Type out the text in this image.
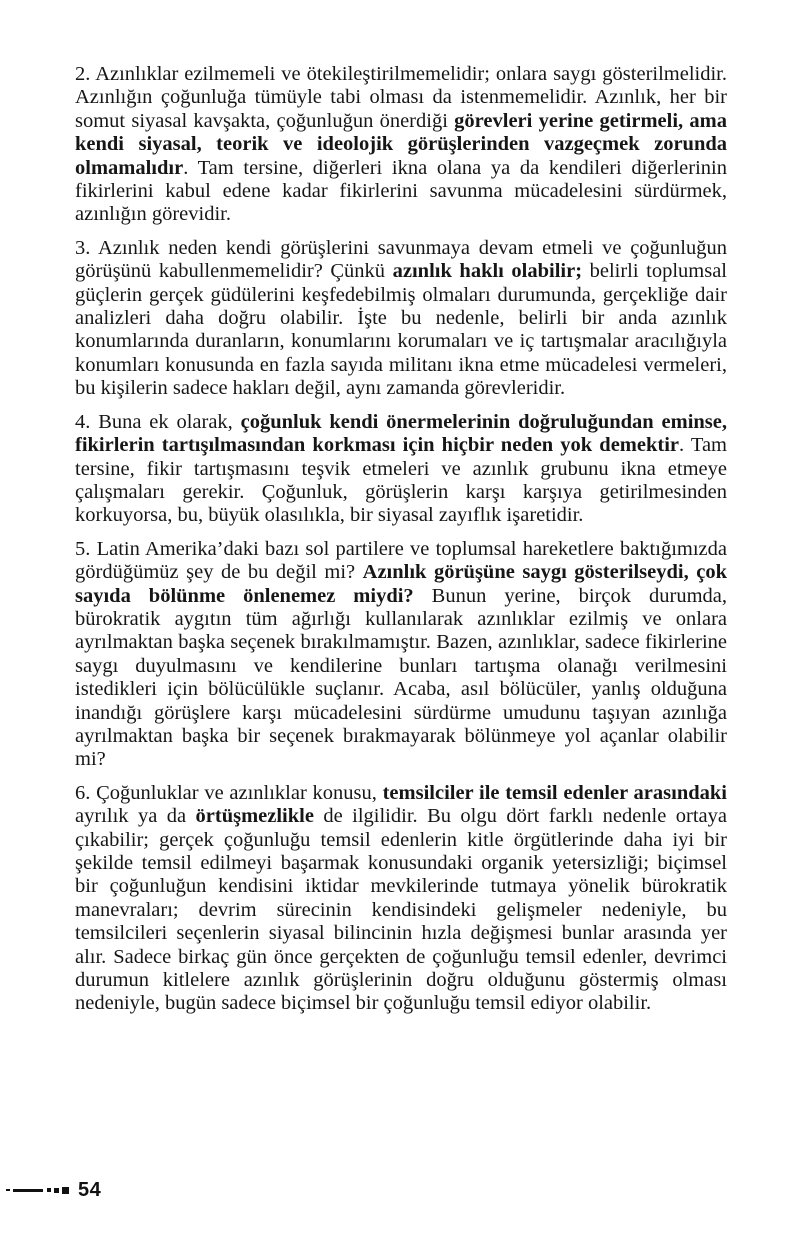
2. Azınlıklar ezilmemeli ve ötekileştirilmemelidir; onlara saygı gösterilmelidir. Azınlığın çoğunluğa tümüyle tabi olması da istenmemelidir. Azınlık, her bir somut siyasal kavşakta, çoğunluğun önerdiği görevleri yerine getirmeli, ama kendi siyasal, teorik ve ideolojik görüşlerinden vazgeçmek zorunda olmamalıdır. Tam tersine, diğerleri ikna olana ya da kendileri diğerlerinin fikirlerini kabul edene kadar fikirlerini savunma mücadelesini sürdürmek, azınlığın görevidir.

3. Azınlık neden kendi görüşlerini savunmaya devam etmeli ve çoğunluğun görüşünü kabullenmemelidir? Çünkü azınlık haklı olabilir; belirli toplumsal güçlerin gerçek güdülerini keşfedebilmiş olmaları durumunda, gerçekliğe dair analizleri daha doğru olabilir. İşte bu nedenle, belirli bir anda azınlık konumlarında duranların, konumlarını korumaları ve iç tartışmalar aracılığıyla konumları konusunda en fazla sayıda militanı ikna etme mücadelesi vermeleri, bu kişilerin sadece hakları değil, aynı zamanda görevleridir.

4. Buna ek olarak, çoğunluk kendi önermelerinin doğruluğundan eminse, fikirlerin tartışılmasından korkması için hiçbir neden yok demektir. Tam tersine, fikir tartışmasını teşvik etmeleri ve azınlık grubunu ikna etmeye çalışmaları gerekir. Çoğunluk, görüşlerin karşı karşıya getirilmesinden korkuyorsa, bu, büyük olasılıkla, bir siyasal zayıflık işaretidir.

5. Latin Amerika’daki bazı sol partilere ve toplumsal hareketlere baktığımızda gördüğümüz şey de bu değil mi? Azınlık görüşüne saygı gösterilseydi, çok sayıda bölünme önlenemez miydi? Bunun yerine, birçok durumda, bürokratik aygıtın tüm ağırlığı kullanılarak azınlıklar ezilmiş ve onlara ayrılmaktan başka seçenek bırakılmamıştır. Bazen, azınlıklar, sadece fikirlerine saygı duyulmasını ve kendilerine bunları tartışma olanağı verilmesini istedikleri için bölücülükle suçlanır. Acaba, asıl bölücüler, yanlış olduğuna inandığı görüşlere karşı mücadelesini sürdürme umudunu taşıyan azınlığa ayrılmaktan başka bir seçenek bırakmayarak bölünmeye yol açanlar olabilir mi?

6. Çoğunluklar ve azınlıklar konusu, temsilciler ile temsil edenler arasındaki ayrılık ya da örtüşmezlikle de ilgilidir. Bu olgu dört farklı nedenle ortaya çıkabilir; gerçek çoğunluğu temsil edenlerin kitle örgütlerinde daha iyi bir şekilde temsil edilmeyi başarmak konusundaki organik yetersizliği; biçimsel bir çoğunluğun kendisini iktidar mevkilerinde tutmaya yönelik bürokratik manevraları; devrim sürecinin kendisindeki gelişmeler nedeniyle, bu temsilcileri seçenlerin siyasal bilincinin hızla değişmesi bunlar arasında yer alır. Sadece birkaç gün önce gerçekten de çoğunluğu temsil edenler, devrimci durumun kitlelere azınlık görüşlerinin doğru olduğunu göstermiş olması nedeniyle, bugün sadece biçimsel bir çoğunluğu temsil ediyor olabilir.

54
